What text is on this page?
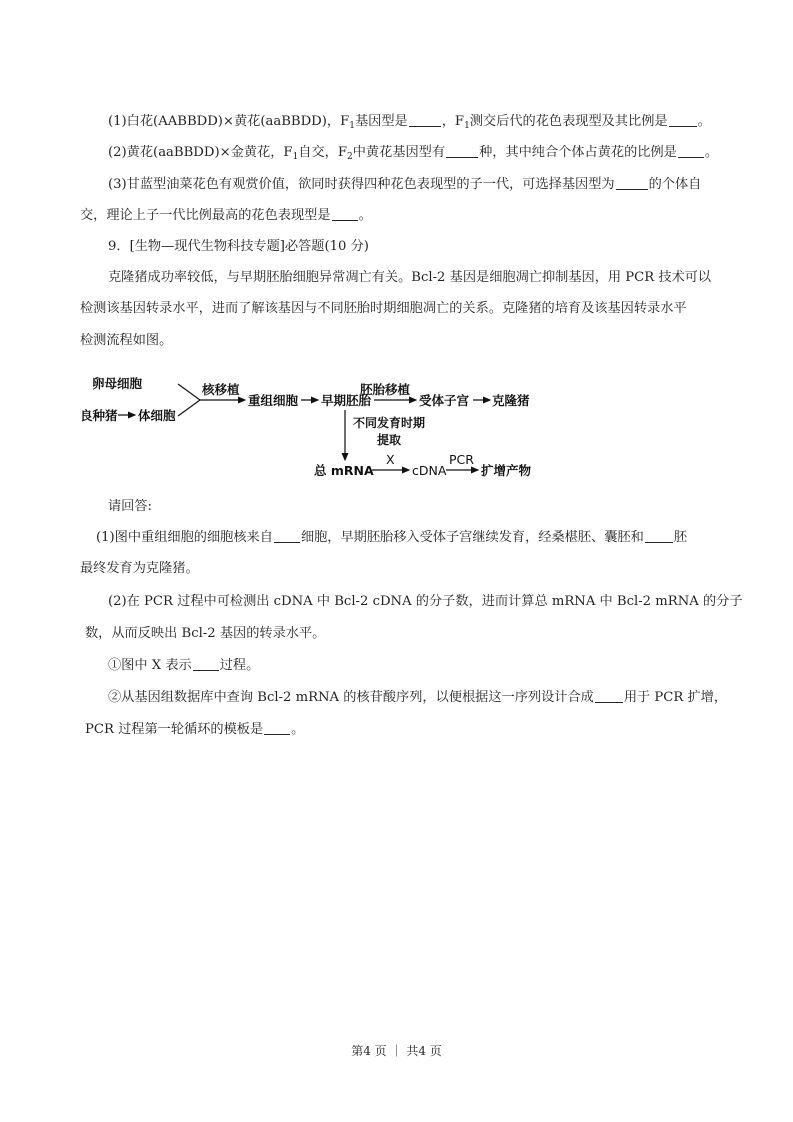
(1)白花(AABBDD)×黄花(aaBBDD)，$F_1$基因型是	，$F_1$测交后代的花色表现型及其比例是 。
(2)黄花(aaBBDD)×金黄花，$F_1$自交，$F_2$中黄花基因型有	种，其中纯合个体占黄花的比例是 。
(3)甘蓝型油菜花色有观赏价值，欲同时获得四种花色表现型的子一代，可选择基因型为	的个体自
交，理论上子一代比例最高的花色表现型是 。
9．[生物—现代生物科技专题]必答题(10 分)
克隆猪成功率较低，与早期胚胎细胞异常凋亡有关。Bcl-2 基因是细胞凋亡抑制基因，用 PCR 技术可以
检测该基因转录水平，进而了解该基因与不同胚胎时期细胞凋亡的关系。克隆猪的培育及该基因转录水平
检测流程如图。
卵母细胞
良种猪 体细胞
核移植
重组细胞 早期胚胎
胚胎移植
受体子宫 克隆猪
不同发育时期
提取
总 mRNA
X
cDNA
PCR
扩增产物
请回答:
(1)图中重组细胞的细胞核来自 细胞，早期胚胎移入受体子宫继续发育，经桑椹胚、囊胚和 胚
最终发育为克隆猪。
(2)在 PCR 过程中可检测出 cDNA 中 Bcl-2 cDNA 的分子数，进而计算总 mRNA 中 Bcl-2 mRNA 的分子
数，从而反映出 Bcl-2 基因的转录水平。
①图中 X 表示 过程。
②从基因组数据库中查询 Bcl-2 mRNA 的核苷酸序列，以便根据这一序列设计合成 用于 PCR 扩增，
PCR 过程第一轮循环的模板是 。
第4 页 ｜ 共4 页
